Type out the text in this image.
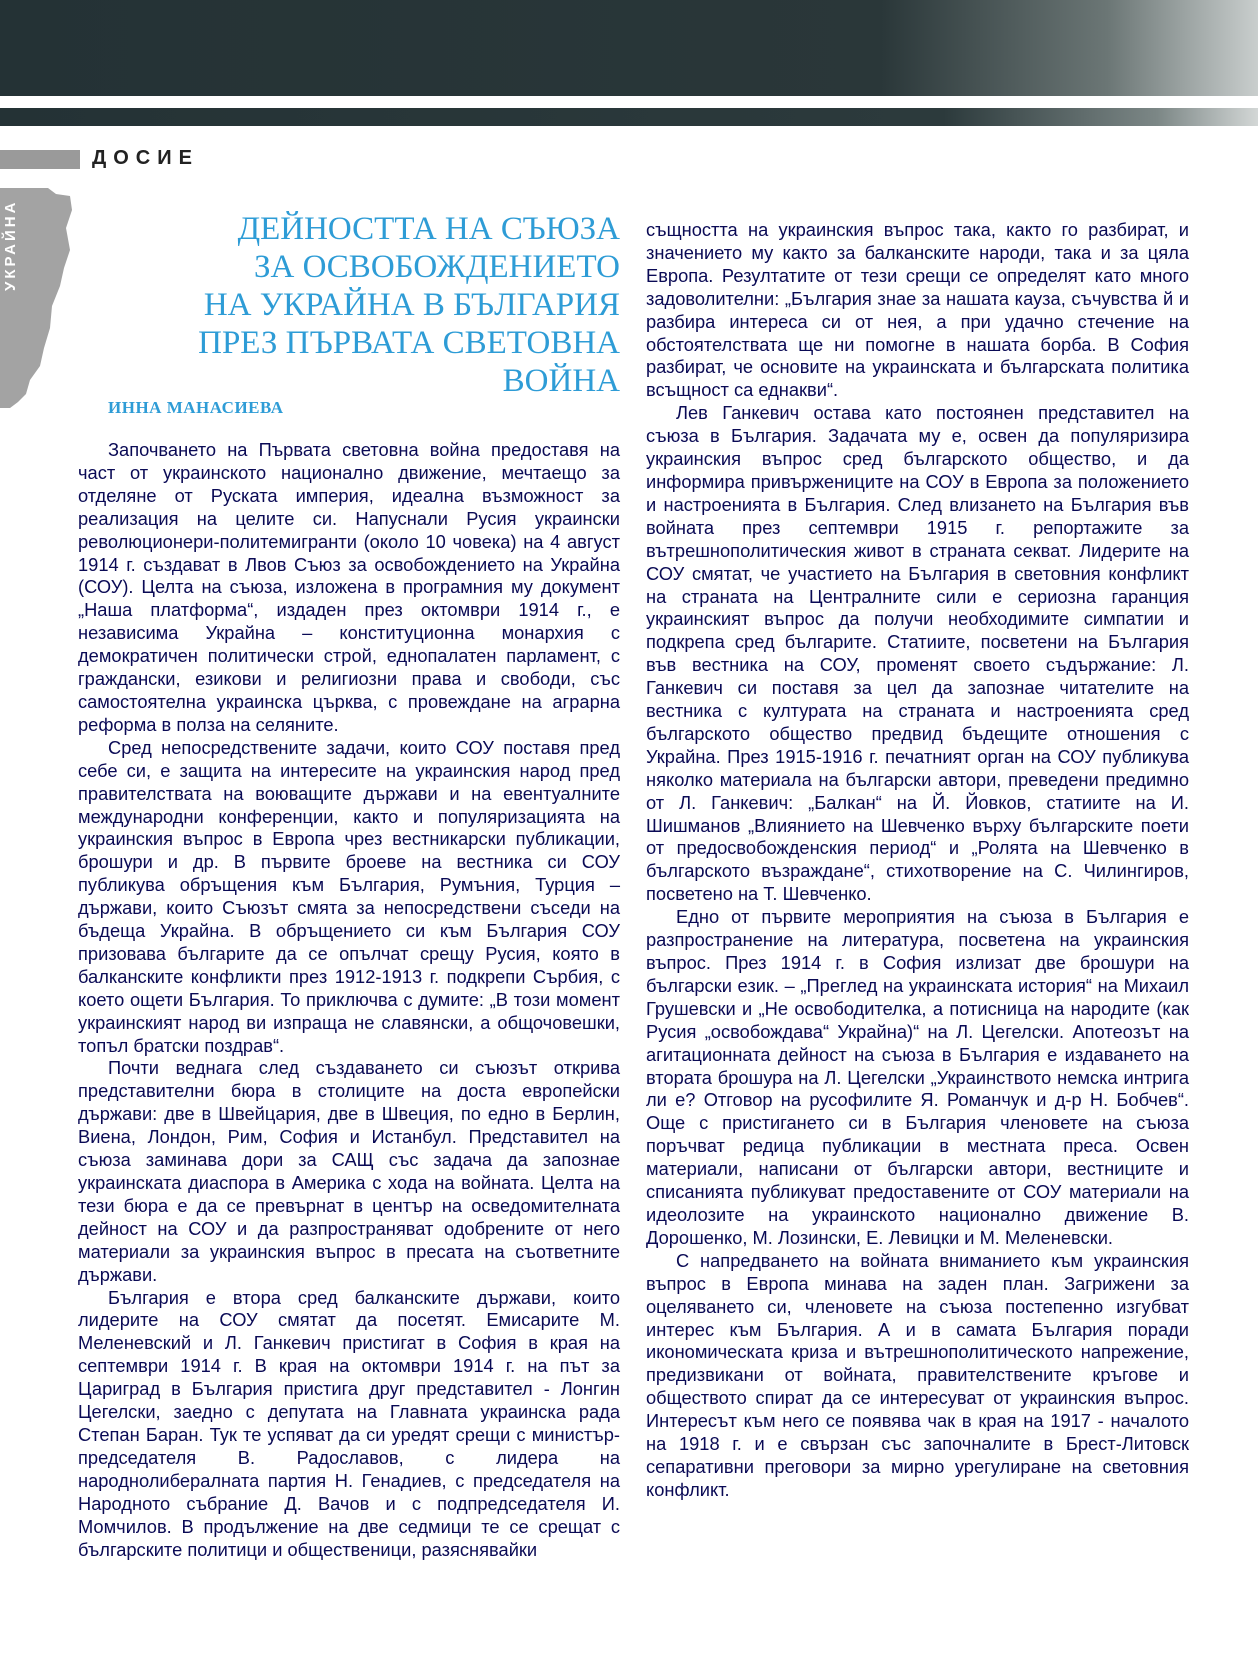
ДОСИЕ
УКРАЙНА	ДЕЙНОСТТА НА СЪЮЗА
ЗА ОСВОБОЖДЕНИЕТО
НА УКРАЙНА В БЪЛГАРИЯ
ПРЕЗ ПЪРВАТА СВЕТОВНА
ВОЙНА
ИННА МАНАСИЕВА

Започването на Първата световна война предоставя на част от украинското национално движение, мечтаещо за отделяне от Руската империя, идеална възможност за реализация на целите си. Напуснали Русия украински революционери-политемигранти (около 10 човека) на 4 август 1914 г. създават в Лвов Съюз за освобождението на Украйна (СОУ). Целта на съюза, изложена в програмния му документ „Наша платформа“, издаден през октомври 1914 г., е независима Украйна – конституционна монархия с демократичен политически строй, еднопалатен парламент, с граждански, езикови и религиозни права и свободи, със самостоятелна украинска църква, с провеждане на аграрна реформа в полза на селяните.

Сред непосредствените задачи, които СОУ поставя пред себе си, е защита на интересите на украинския народ пред правителствата на воюващите държави и на евентуалните международни конференции, както и популяризацията на украинския въпрос в Европа чрез вестникарски публикации, брошури и др. В първите броеве на вестника си СОУ публикува обръщения към България, Румъния, Турция – държави, които Съюзът смята за непосредствени съседи на бъдеща Украйна. В обръщението си към България СОУ призовава българите да се опълчат срещу Русия, която в балканските конфликти през 1912-1913 г. подкрепи Сърбия, с което ощети България. То приключва с думите: „В този момент украинският народ ви изпраща не славянски, а общочовешки, топъл братски поздрав“.

Почти веднага след създаването си съюзът открива представителни бюра в столиците на доста европейски държави: две в Швейцария, две в Швеция, по едно в Берлин, Виена, Лондон, Рим, София и Истанбул. Представител на съюза заминава дори за САЩ със задача да запознае украинската диаспора в Америка с хода на войната. Целта на тези бюра е да се превърнат в център на осведомителната дейност на СОУ и да разпространяват одобрените от него материали за украинския въпрос в пресата на съответните държави.

България е втора сред балканските държави, които лидерите на СОУ смятат да посетят. Емисарите М. Меленевский и Л. Ганкевич пристигат в София в края на септември 1914 г. В края на октомври 1914 г. на път за Цариград в България пристига друг представител - Лонгин Цегелски, заедно с депутата на Главната украинска рада Степан Баран. Тук те успяват да си уредят срещи с министър-председателя В. Радославов, с лидера на народнолибералната партия Н. Генадиев, с председателя на Народното събрание Д. Вачов и с подпредседателя И. Момчилов. В продължение на две седмици те се срещат с българските политици и общественици, разяснявайки

същността на украинския въпрос така, както го разбират, и значението му както за балканските народи, така и за цяла Европа. Резултатите от тези срещи се определят като много задоволителни: „България знае за нашата кауза, съчувства й и разбира интереса си от нея, а при удачно стечение на обстоятелствата ще ни помогне в нашата борба. В София разбират, че основите на украинската и българската политика всъщност са еднакви“.

Лев Ганкевич остава като постоянен представител на съюза в България. Задачата му е, освен да популяризира украинския въпрос сред българското общество, и да информира привържениците на СОУ в Европа за положението и настроенията в България. След влизането на България във войната през септември 1915 г. репортажите за вътрешнополитическия живот в страната секват. Лидерите на СОУ смятат, че участието на България в световния конфликт на страната на Централните сили е сериозна гаранция украинският въпрос да получи необходимите симпатии и подкрепа сред българите. Статиите, посветени на България във вестника на СОУ, променят своето съдържание: Л. Ганкевич си поставя за цел да запознае читателите на вестника с културата на страната и настроенията сред българското общество предвид бъдещите отношения с Украйна. През 1915-1916 г. печатният орган на СОУ публикува няколко материала на български автори, преведени предимно от Л. Ганкевич: „Балкан“ на Й. Йовков, статиите на И. Шишманов „Влиянието на Шевченко върху българските поети от предосвобожденския период“ и „Ролята на Шевченко в българското възраждане“, стихотворение на С. Чилингиров, посветено на Т. Шевченко.

Едно от първите мероприятия на съюза в България е разпространение на литература, посветена на украинския въпрос. През 1914 г. в София излизат две брошури на български език. – „Преглед на украинската история“ на Михаил Грушевски и „Не освободителка, а потисница на народите (как Русия „освобождава“ Украйна)“ на Л. Цегелски. Апотеозът на агитационната дейност на съюза в България е издаването на втората брошура на Л. Цегелски „Украинството немска интрига ли е? Отговор на русофилите Я. Романчук и д-р Н. Бобчев“. Още с пристигането си в България членовете на съюза поръчват редица публикации в местната преса. Освен материали, написани от български автори, вестниците и списанията публикуват предоставените от СОУ материали на идеолозите на украинското национално движение В. Дорошенко, М. Лозински, Е. Левицки и М. Меленевски.

С напредването на войната вниманието към украинския въпрос в Европа минава на заден план. Загрижени за оцеляването си, членовете на съюза постепенно изгубват интерес към България. А и в самата България поради икономическата криза и вътрешнополитическото напрежение, предизвикани от войната, правителствените кръгове и обществото спират да се интересуват от украинския въпрос. Интересът към него се появява чак в края на 1917 - началото на 1918 г. и е свързан със започналите в Брест-Литовск сепаративни преговори за мирно урегулиране на световния конфликт.
